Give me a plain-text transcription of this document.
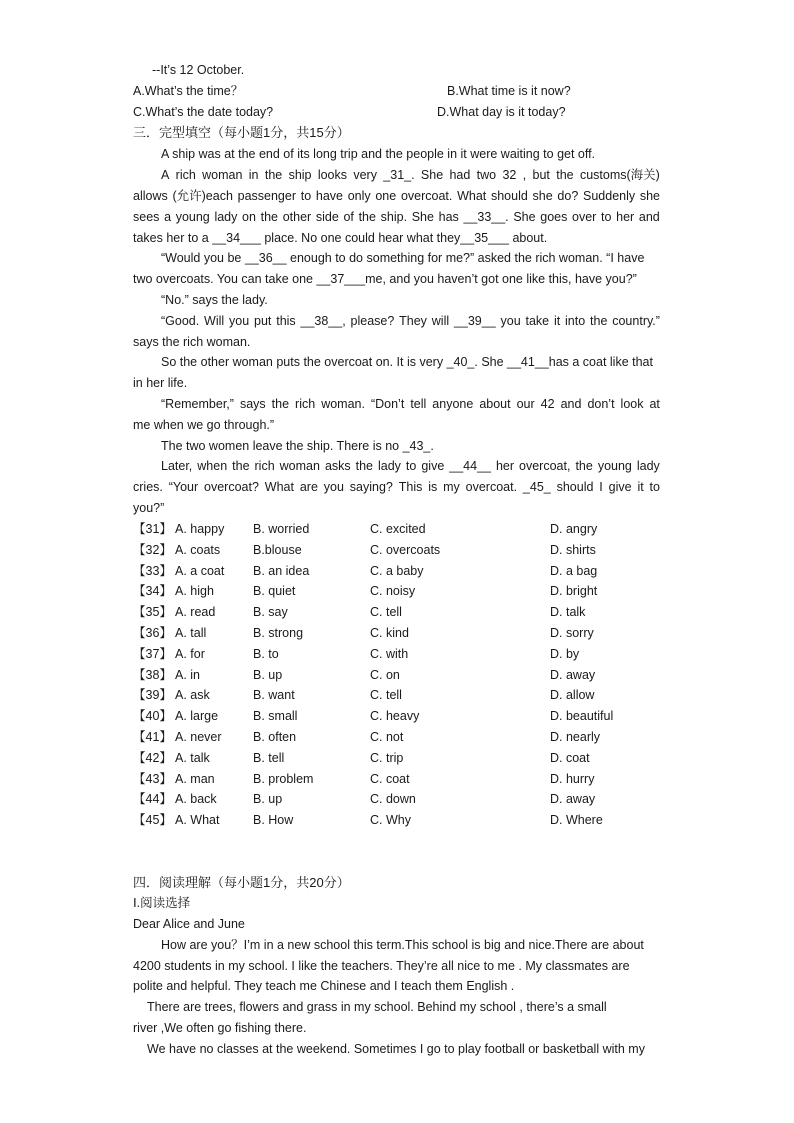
--It’s 12 October.
A.What’s the time？	B.What time is it now?
C.What’s the date today?	D.What day is it today?
三．完型填空（每小题1分，共15分）
A ship was at the end of its long trip and the people in it were waiting to get off.
A rich woman in the ship looks very _31_. She had two 32 , but the customs(海关)
allows (允许)each passenger to have only one overcoat. What should she do? Suddenly she
sees a young lady on the other side of the ship. She has __33__. She goes over to her and
takes her to a __34___ place. No one could hear what they__35___ about.
“Would you be __36__ enough to do something for me?” asked the rich woman. “I have
two overcoats. You can take one __37___me, and you haven’t got one like this, have you?”
“No.” says the lady.
“Good. Will you put this __38__, please? They will __39__ you take it into the country.”
says the rich woman.
So the other woman puts the overcoat on. It is very _40_. She __41__has a coat like that
in her life.
“Remember,” says the rich woman. “Don’t tell anyone about our 42 and don’t look at
me when we go through.”
The two women leave the ship. There is no _43_.
Later, when the rich woman asks the lady to give __44__ her overcoat, the young lady
cries. “Your overcoat? What are you saying? This is my overcoat. _45_ should I give it to
you?”
【31】 A. happy B. worried	C. excited	D. angry
【32】 A. coats	B.blouse	C. overcoats	D. shirts
【33】 A. a coat B. an idea	C. a baby	D. a bag
【34】 A. high	B. quiet	C. noisy	D. bright
【35】 A. read	B. say	C. tell	D. talk
【36】 A. tall	B. strong	C. kind	D. sorry
【37】 A. for	B. to	C. with	D. by
【38】 A. in	B. up	C. on	D. away
【39】 A. ask	B. want	C. tell	D. allow
【40】 A. large	B. small	C. heavy	D. beautiful
【41】 A. never	B. often	C. not	D. nearly
【42】 A. talk	B. tell	C. trip	D. coat
【43】 A. man	B. problem	C. coat	D. hurry
【44】 A. back	B. up	C. down	D. away
【45】 A. What	B. How	C. Why	D. Where
四．阅读理解（每小题1分，共20分）
Ⅰ.阅读选择
Dear Alice and June
How are you？I’m in a new school this term.This school is big and nice.There are about
4200 students in my school. I like the teachers. They’re all nice to me . My classmates are
polite and helpful. They teach me Chinese and I teach them English .
There are trees, flowers and grass in my school. Behind my school , there’s a small
river ,We often go fishing there.
We have no classes at the weekend. Sometimes I go to play football or basketball with my
